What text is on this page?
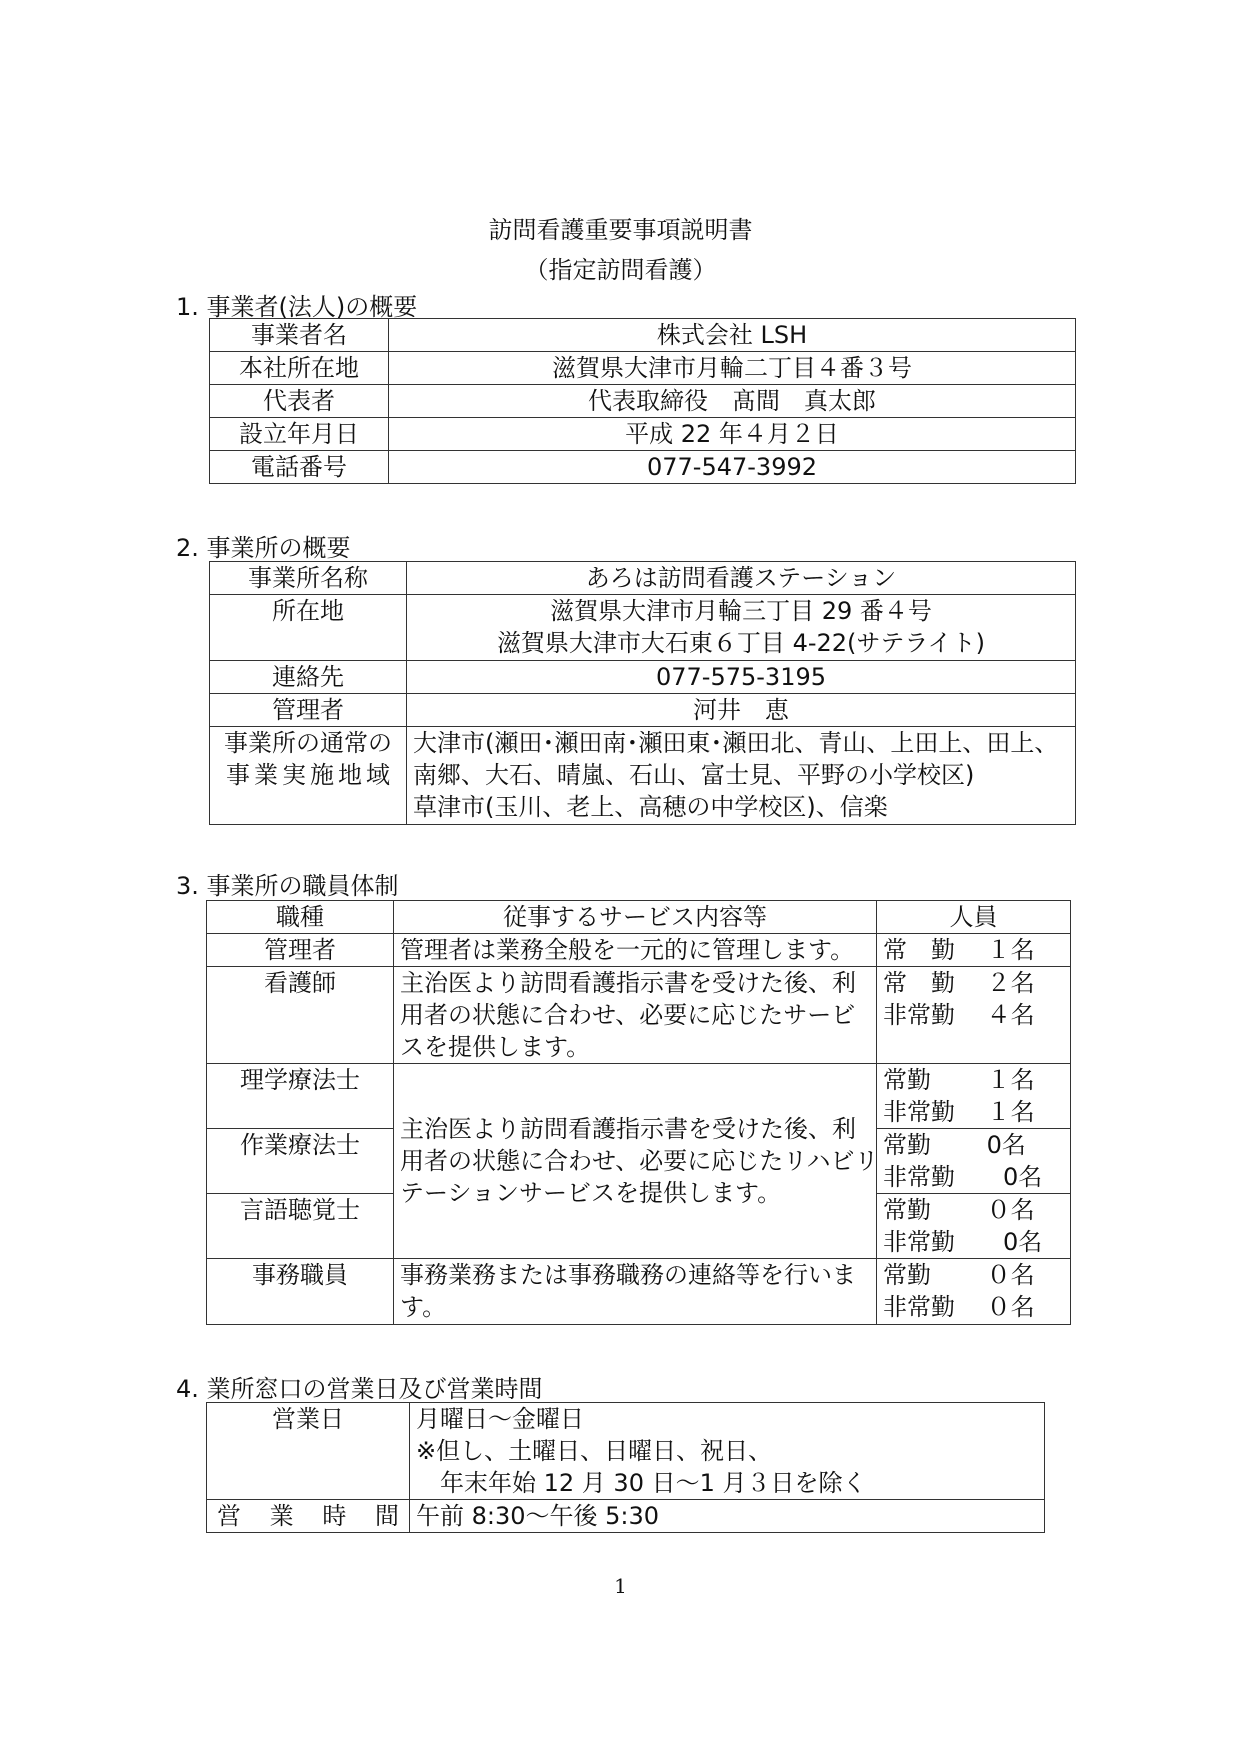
訪問看護重要事項説明書
（指定訪問看護）
1. 事業者(法人)の概要
事業者名	株式会社 LSH
本社所在地	滋賀県大津市月輪二丁目４番３号
代表者	代表取締役　髙間　真太郎
設立年月日	平成 22 年４月２日
電話番号	077-547-3992
2. 事業所の概要
事業所名称	あろは訪問看護ステーション
所在地	滋賀県大津市月輪三丁目 29 番４号
滋賀県大津市大石東６丁目 4-22(サテライト)

連絡先	077-575-3195
管理者	河井　恵

事業所の通常の
事業実施地域	大津市(瀬田･瀬田南･瀬田東･瀬田北、青山、上田上、田上、
南郷、大石、晴嵐、石山、富士見、平野の小学校区)
草津市(玉川、老上、高穂の中学校区)、信楽
3. 事業所の職員体制
職種	従事するサービス内容等	人員
管理者	管理者は業務全般を一元的に管理します。	常　勤　 １名

看護師	主治医より訪問看護指示書を受けた後、利
用者の状態に合わせ、必要に応じたサービ
スを提供します。	常　勤　 ２名
非常勤　 ４名

理学療法士	主治医より訪問看護指示書を受けた後、利
用者の状態に合わせ、必要に応じたリハビリ
テーションサービスを提供します。	常勤　　 １名
非常勤　 １名

作業療法士		常勤　　 0名
非常勤　　0名

言語聴覚士		常勤　　 ０名
非常勤　　0名

事務職員	事務業務または事務職務の連絡等を行いま
す。	常勤　　 ０名
非常勤　 ０名
4. 業所窓口の営業日及び営業時間
営業日	月曜日～金曜日
※但し、土曜日、日曜日、祝日、
　年末年始 12 月 30 日～1 月３日を除く

営業時間	午前 8:30～午後 5:30
1
